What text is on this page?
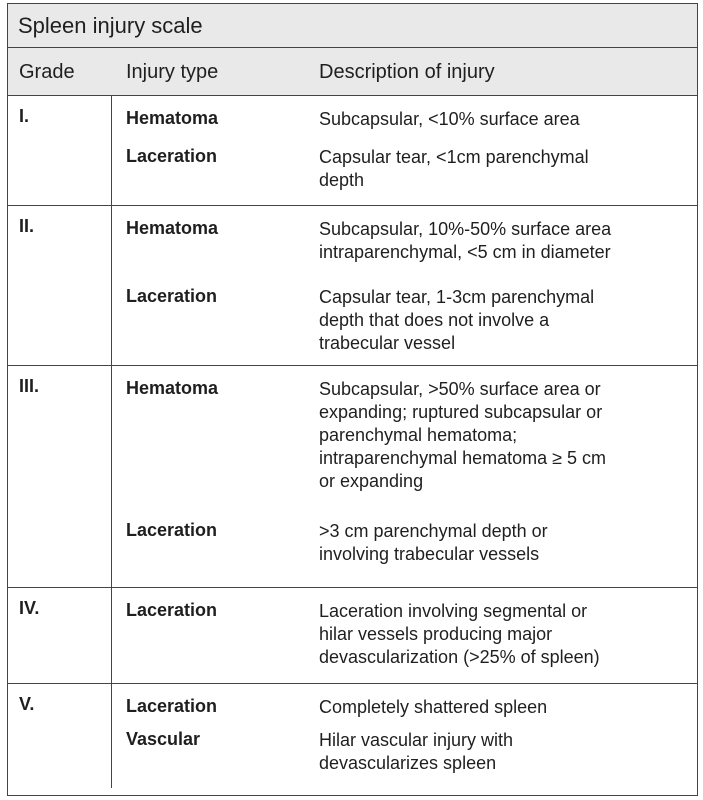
Spleen injury scale
Grade	Injury type	Description of injury
I.	Hematoma	Subcapsular, <10% surface area
Laceration	Capsular tear, <1cm parenchymal
depth
II.	Hematoma	Subcapsular, 10%-50% surface area
intraparenchymal, <5 cm in diameter
Laceration	Capsular tear, 1-3cm parenchymal
depth that does not involve a
trabecular vessel
III.	Hematoma	Subcapsular, >50% surface area or
expanding; ruptured subcapsular or
parenchymal hematoma;
intraparenchymal hematoma ≥ 5 cm
or expanding
Laceration	>3 cm parenchymal depth or
involving trabecular vessels
IV.	Laceration	Laceration involving segmental or
hilar vessels producing major
devascularization (>25% of spleen)
V.	Laceration	Completely shattered spleen
Vascular	Hilar vascular injury with
devascularizes spleen
